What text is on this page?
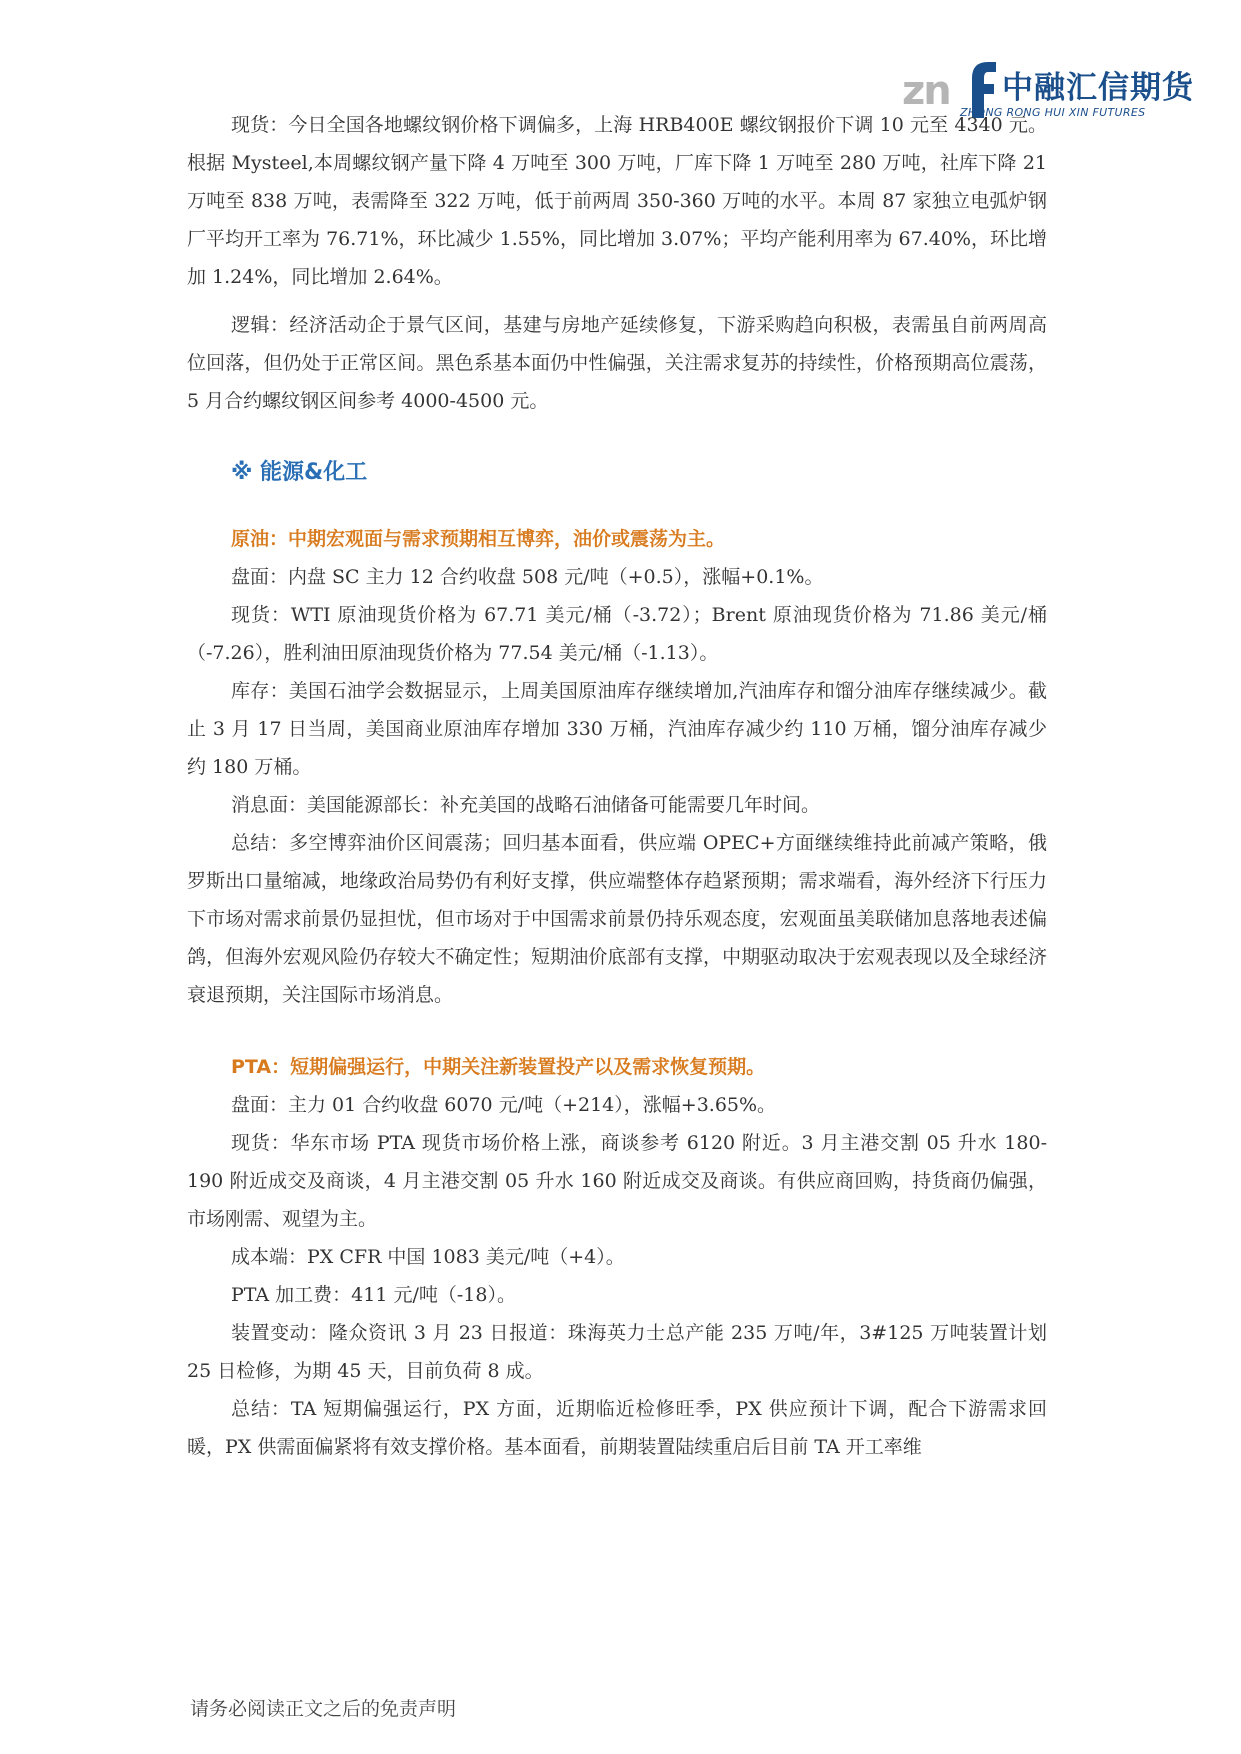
zn 中融汇信期货
ZHONG RONG HUI XIN FUTURES

现货：今日全国各地螺纹钢价格下调偏多，上海 HRB400E 螺纹钢报价下调 10 元至 4340 元。根据 Mysteel,本周螺纹钢产量下降 4 万吨至 300 万吨，厂库下降 1 万吨至 280 万吨，社库下降 21 万吨至 838 万吨，表需降至 322 万吨，低于前两周 350-360 万吨的水平。本周 87 家独立电弧炉钢厂平均开工率为 76.71%，环比减少 1.55%，同比增加 3.07%；平均产能利用率为 67.40%，环比增加 1.24%，同比增加 2.64%。

逻辑：经济活动企于景气区间，基建与房地产延续修复，下游采购趋向积极，表需虽自前两周高位回落，但仍处于正常区间。黑色系基本面仍中性偏强，关注需求复苏的持续性，价格预期高位震荡，5 月合约螺纹钢区间参考 4000-4500 元。

※ 能源&化工

原油：中期宏观面与需求预期相互博弈，油价或震荡为主。

盘面：内盘 SC 主力 12 合约收盘 508 元/吨（+0.5），涨幅+0.1%。

现货：WTI 原油现货价格为 67.71 美元/桶（-3.72）；Brent 原油现货价格为 71.86 美元/桶（-7.26），胜利油田原油现货价格为 77.54 美元/桶（-1.13）。

库存：美国石油学会数据显示，上周美国原油库存继续增加,汽油库存和馏分油库存继续减少。截止 3 月 17 日当周，美国商业原油库存增加 330 万桶，汽油库存减少约 110 万桶，馏分油库存减少约 180 万桶。

消息面：美国能源部长：补充美国的战略石油储备可能需要几年时间。

总结：多空博弈油价区间震荡；回归基本面看，供应端 OPEC+方面继续维持此前减产策略，俄罗斯出口量缩减，地缘政治局势仍有利好支撑，供应端整体存趋紧预期；需求端看，海外经济下行压力下市场对需求前景仍显担忧，但市场对于中国需求前景仍持乐观态度，宏观面虽美联储加息落地表述偏鸽，但海外宏观风险仍存较大不确定性；短期油价底部有支撑，中期驱动取决于宏观表现以及全球经济衰退预期，关注国际市场消息。

PTA：短期偏强运行，中期关注新装置投产以及需求恢复预期。

盘面：主力 01 合约收盘 6070 元/吨（+214），涨幅+3.65%。

现货：华东市场 PTA 现货市场价格上涨，商谈参考 6120 附近。3 月主港交割 05 升水 180-190 附近成交及商谈，4 月主港交割 05 升水 160 附近成交及商谈。有供应商回购，持货商仍偏强，市场刚需、观望为主。

成本端：PX CFR 中国 1083 美元/吨（+4）。

PTA 加工费：411 元/吨（-18）。

装置变动：隆众资讯 3 月 23 日报道：珠海英力士总产能 235 万吨/年，3#125 万吨装置计划 25 日检修，为期 45 天，目前负荷 8 成。

总结：TA 短期偏强运行，PX 方面，近期临近检修旺季，PX 供应预计下调，配合下游需求回暖，PX 供需面偏紧将有效支撑价格。基本面看，前期装置陆续重启后目前 TA 开工率维

请务必阅读正文之后的免责声明
